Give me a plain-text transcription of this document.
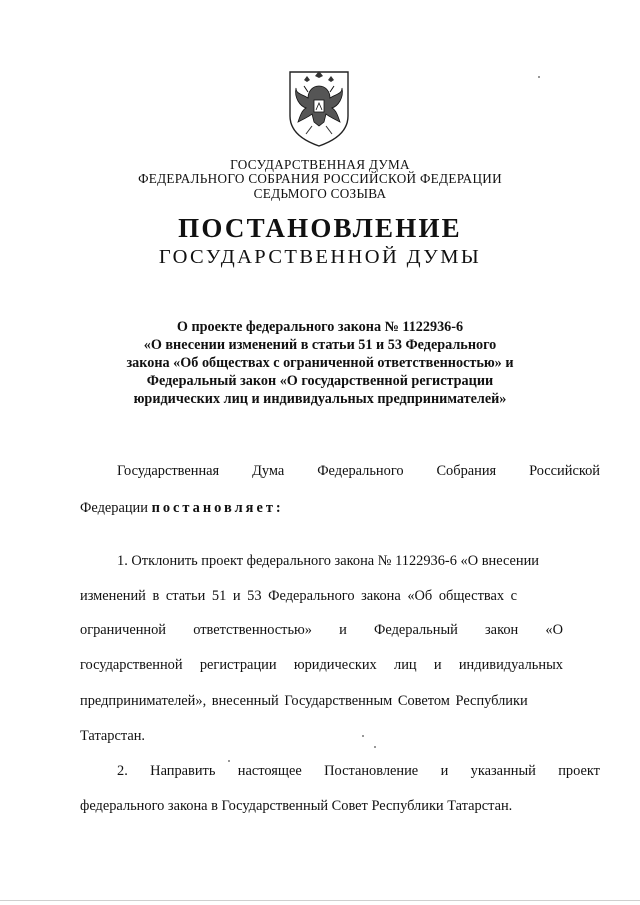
ГОСУДАРСТВЕННАЯ ДУМА
ФЕДЕРАЛЬНОГО СОБРАНИЯ РОССИЙСКОЙ ФЕДЕРАЦИИ
СЕДЬМОГО СОЗЫВА
ПОСТАНОВЛЕНИЕ
ГОСУДАРСТВЕННОЙ ДУМЫ
О проекте федерального закона № 1122936-6
«О внесении изменений в статьи 51 и 53 Федерального
закона «Об обществах с ограниченной ответственностью» и
Федеральный закон «О государственной регистрации
юридических лиц и индивидуальных предпринимателей»
Государственная Дума Федерального Собрания Российской
Федерации постановляет:
1. Отклонить проект федерального закона № 1122936-6 «О внесении
изменений в статьи 51 и 53 Федерального закона «Об обществах с
ограниченной ответственностью» и Федеральный закон «О
государственной регистрации юридических лиц и индивидуальных
предпринимателей», внесенный Государственным Советом Республики
Татарстан.
2. Направить настоящее Постановление и указанный проект
федерального закона в Государственный Совет Республики Татарстан.
